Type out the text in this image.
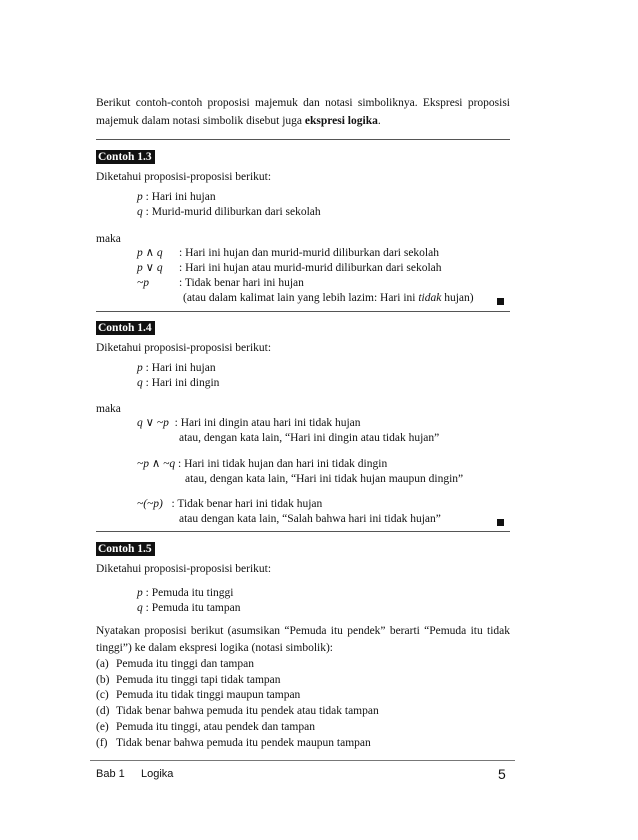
Berikut contoh-contoh proposisi majemuk dan notasi simboliknya. Ekspresi proposisi majemuk dalam notasi simbolik disebut juga ekspresi logika.

Contoh 1.3
Diketahui proposisi-proposisi berikut:
p : Hari ini hujan
q : Murid-murid diliburkan dari sekolah
maka
p ∧ q : Hari ini hujan dan murid-murid diliburkan dari sekolah
p ∨ q : Hari ini hujan atau murid-murid diliburkan dari sekolah
~p	: Tidak benar hari ini hujan
(atau dalam kalimat lain yang lebih lazim: Hari ini tidak hujan)
Contoh 1.4
Diketahui proposisi-proposisi berikut:
p : Hari ini hujan
q : Hari ini dingin
maka
q ∨ ~p  : Hari ini dingin atau hari ini tidak hujan
atau, dengan kata lain, “Hari ini dingin atau tidak hujan”
~p ∧ ~q : Hari ini tidak hujan dan hari ini tidak dingin
atau, dengan kata lain, “Hari ini tidak hujan maupun dingin”
~(~p)   : Tidak benar hari ini tidak hujan
atau dengan kata lain, “Salah bahwa hari ini tidak hujan”
Contoh 1.5
Diketahui proposisi-proposisi berikut:
p : Pemuda itu tinggi
q : Pemuda itu tampan

Nyatakan proposisi berikut (asumsikan “Pemuda itu pendek” berarti “Pemuda itu tidak tinggi”) ke dalam ekspresi logika (notasi simbolik):

(a) Pemuda itu tinggi dan tampan
(b) Pemuda itu tinggi tapi tidak tampan
(c) Pemuda itu tidak tinggi maupun tampan
(d) Tidak benar bahwa pemuda itu pendek atau tidak tampan
(e) Pemuda itu tinggi, atau pendek dan tampan
(f) Tidak benar bahwa pemuda itu pendek maupun tampan
Bab 1 Logika	5
